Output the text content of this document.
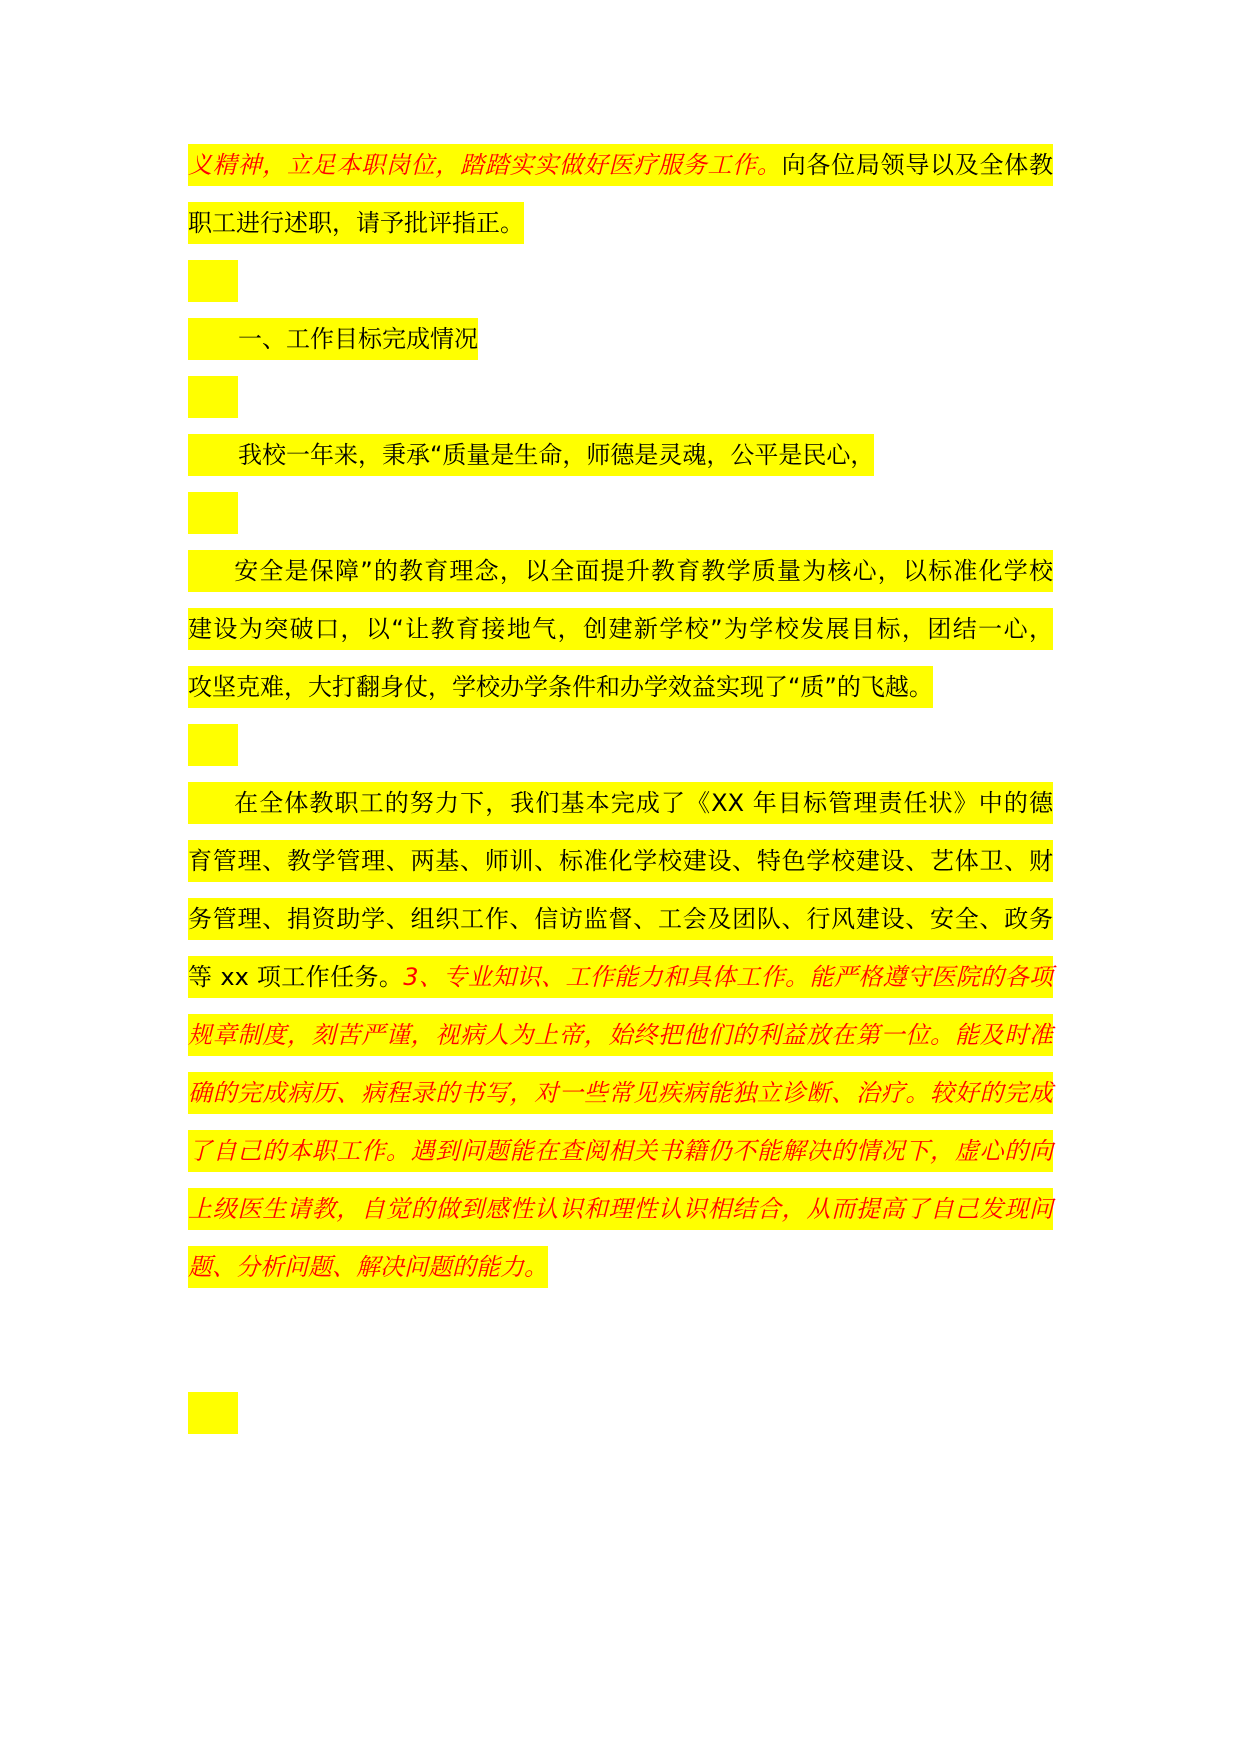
义精神，立足本职岗位，踏踏实实做好医疗服务工作。向各位局领导以及全体教
职工进行述职，请予批评指正。
一、工作目标完成情况
我校一年来，秉承“质量是生命，师德是灵魂，公平是民心，
安全是保障”的教育理念，以全面提升教育教学质量为核心，以标准化学校
建设为突破口，以“让教育接地气，创建新学校”为学校发展目标，团结一心，
攻坚克难，大打翻身仗，学校办学条件和办学效益实现了“质”的飞越。
在全体教职工的努力下，我们基本完成了《XX 年目标管理责任状》中的德
育管理、教学管理、两基、师训、标准化学校建设、特色学校建设、艺体卫、财
务管理、捐资助学、组织工作、信访监督、工会及团队、行风建设、安全、政务
等 xx 项工作任务。3、专业知识、工作能力和具体工作。能严格遵守医院的各项
规章制度，刻苦严谨，视病人为上帝，始终把他们的利益放在第一位。能及时准
确的完成病历、病程录的书写，对一些常见疾病能独立诊断、治疗。较好的完成
了自己的本职工作。遇到问题能在查阅相关书籍仍不能解决的情况下，虚心的向
上级医生请教，自觉的做到感性认识和理性认识相结合，从而提高了自己发现问
题、分析问题、解决问题的能力。
